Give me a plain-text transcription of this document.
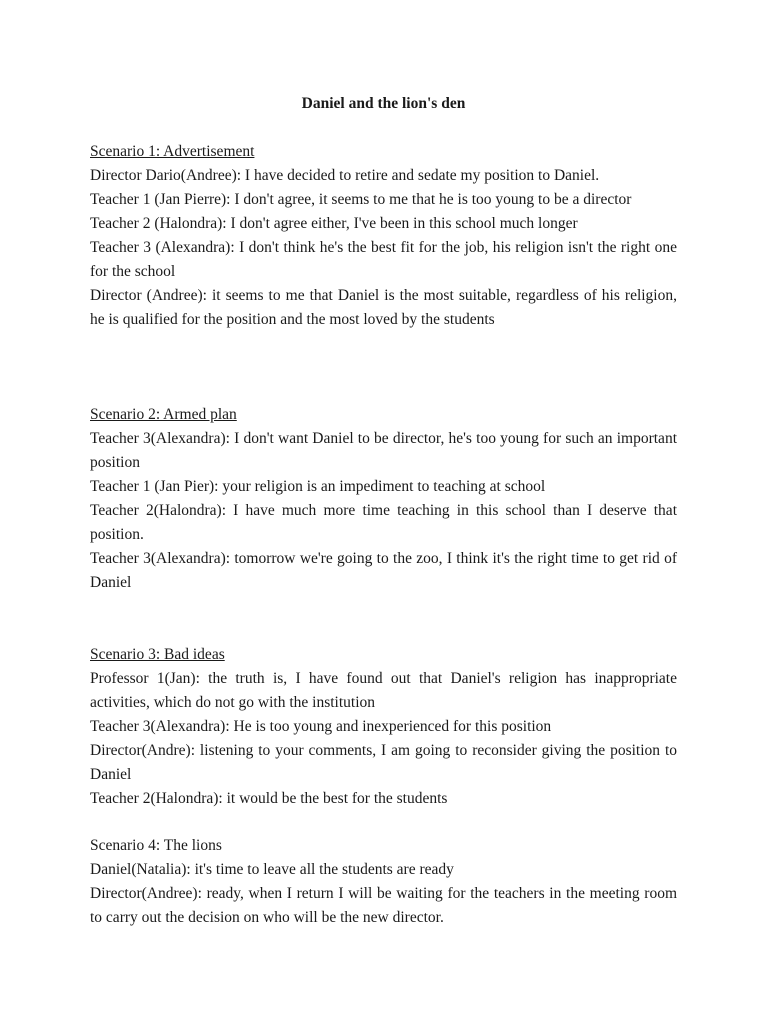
Daniel and the lion's den
Scenario 1: Advertisement
Director Dario(Andree): I have decided to retire and sedate my position to Daniel.
Teacher 1 (Jan Pierre): I don't agree, it seems to me that he is too young to be a director
Teacher 2 (Halondra): I don't agree either, I've been in this school much longer
Teacher 3 (Alexandra): I don't think he's the best fit for the job, his religion isn't the right one for the school
Director (Andree): it seems to me that Daniel is the most suitable, regardless of his religion, he is qualified for the position and the most loved by the students
Scenario 2: Armed plan
Teacher 3(Alexandra): I don't want Daniel to be director, he's too young for such an important position
Teacher 1 (Jan Pier): your religion is an impediment to teaching at school
Teacher 2(Halondra): I have much more time teaching in this school than I deserve that position.
Teacher 3(Alexandra): tomorrow we're going to the zoo, I think it's the right time to get rid of Daniel
Scenario 3: Bad ideas
Professor 1(Jan): the truth is, I have found out that Daniel's religion has inappropriate activities, which do not go with the institution
Teacher 3(Alexandra): He is too young and inexperienced for this position
Director(Andre): listening to your comments, I am going to reconsider giving the position to Daniel
Teacher 2(Halondra): it would be the best for the students
Scenario 4: The lions
Daniel(Natalia): it's time to leave all the students are ready
Director(Andree): ready, when I return I will be waiting for the teachers in the meeting room to carry out the decision on who will be the new director.
